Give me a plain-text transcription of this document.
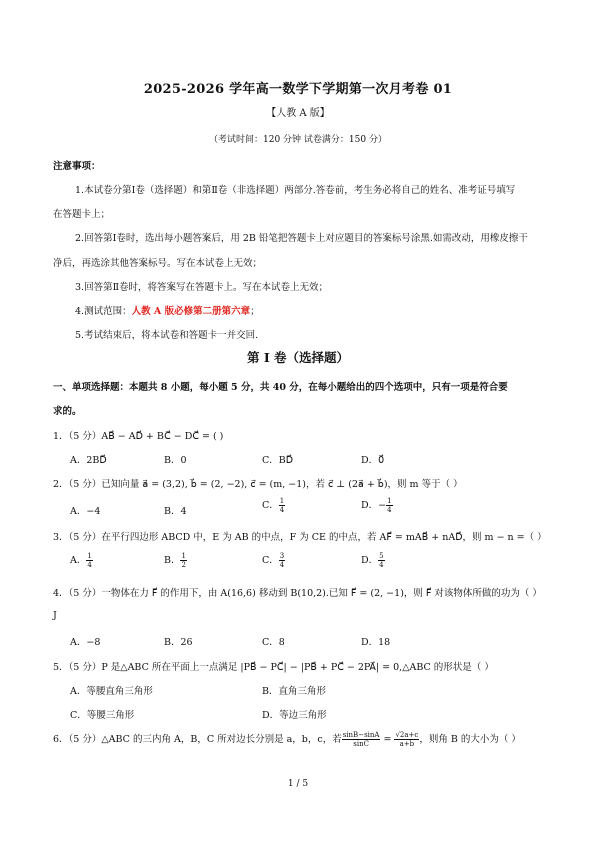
2025-2026 学年高一数学下学期第一次月考卷 01
【人教 A 版】
（考试时间：120 分钟 试卷满分：150 分）
注意事项：
1.本试卷分第Ⅰ卷（选择题）和第Ⅱ卷（非选择题）两部分.答卷前，考生务必将自己的姓名、准考证号填写
在答题卡上；
2.回答第Ⅰ卷时，选出每小题答案后，用 2B 铅笔把答题卡上对应题目的答案标号涂黑.如需改动，用橡皮擦干
净后，再选涂其他答案标号。写在本试卷上无效；
3.回答第Ⅱ卷时，将答案写在答题卡上。写在本试卷上无效；
4.测试范围：人教 A 版必修第二册第六章；
5.考试结束后，将本试卷和答题卡一并交回.
第 I 卷（选择题）
一、单项选择题：本题共 8 小题，每小题 5 分，共 40 分，在每小题给出的四个选项中，只有一项是符合要
求的。
1．（5 分）AB⃗ − AD⃗ + BC⃗ − DC⃗ = ( )
A．2BD⃗	B．0	C．BD⃗	D．0⃗
2．（5 分）已知向量 a⃗ = (3,2), b⃗ = (2, −2), c⃗ = (m, −1)，若 c⃗ ⊥ (2a⃗ + b⃗)，则 m 等于（ ）
A．−4	B．4
C． $\frac{1}{4}$	D．− $\frac{1}{4}$
3．（5 分）在平行四边形 ABCD 中，E 为 AB 的中点，F 为 CE 的中点，若 AF⃗ = mAB⃗ + nAD⃗，则 m − n =（ ）
A． $\frac{1}{4}$	B． $\frac{1}{2}$	C． $\frac{3}{4}$	D． $\frac{5}{4}$
4．（5 分）一物体在力 F⃗ 的作用下，由 A(16,6) 移动到 B(10,2).已知 F⃗ = (2, −1)，则 F⃗ 对该物体所做的功为（ ）
J
A．−8	B．26	C．8	D．18
5．（5 分）P 是△ABC 所在平面上一点满足 |PB⃗ − PC⃗| − |PB⃗ + PC⃗ − 2PA⃗| = 0,△ABC 的形状是（ ）
A．等腰直角三角形	B．直角三角形
C．等腰三角形	D．等边三角形
6．（5 分）△ABC 的三内角 A，B，C 所对边长分别是 a，b，c，若 $\frac{\sin B-\sin A}{\sin C} = \frac{√2a+c}{a+b}$ ，则角 B 的大小为（ ）
1 / 5
